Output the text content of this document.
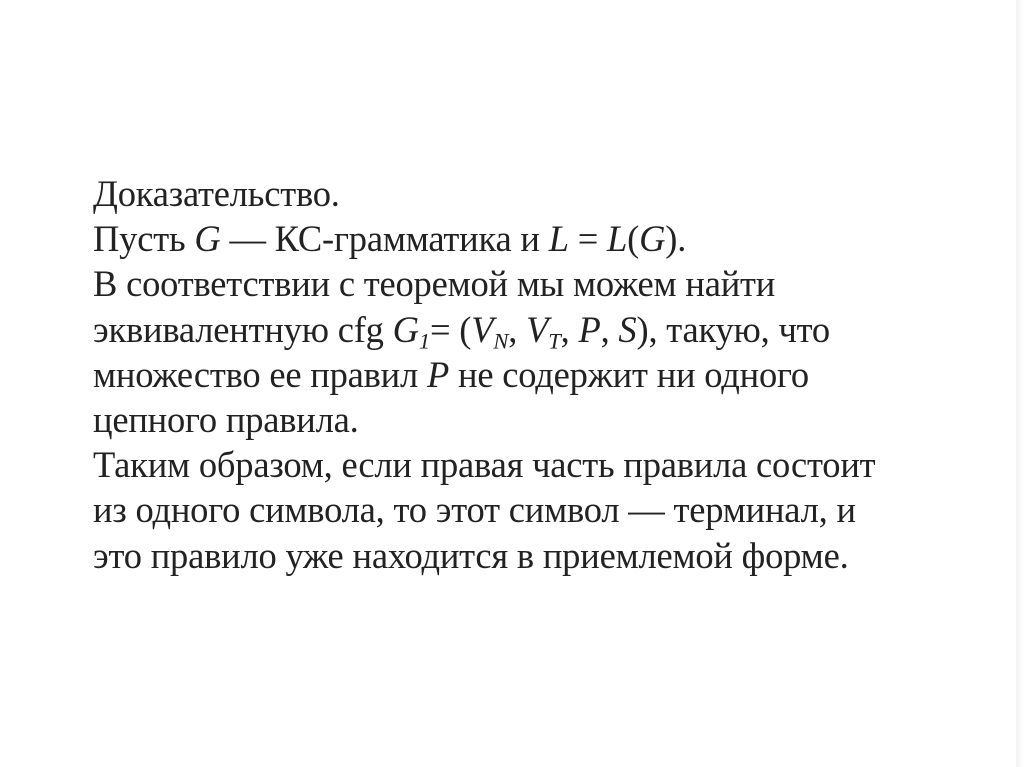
Доказательство.
Пусть G — КС-грамматика и L = L(G).
В соответствии с теоремой мы можем найти
эквивалентную cfg $G_1= (V_N$, $V_T$, P, S), такую, что
множество ее правил P не содержит ни одного
цепного правила.
Таким образом, если правая часть правила состоит
из одного символа, то этот символ — терминал, и
это правило уже находится в приемлемой форме.
